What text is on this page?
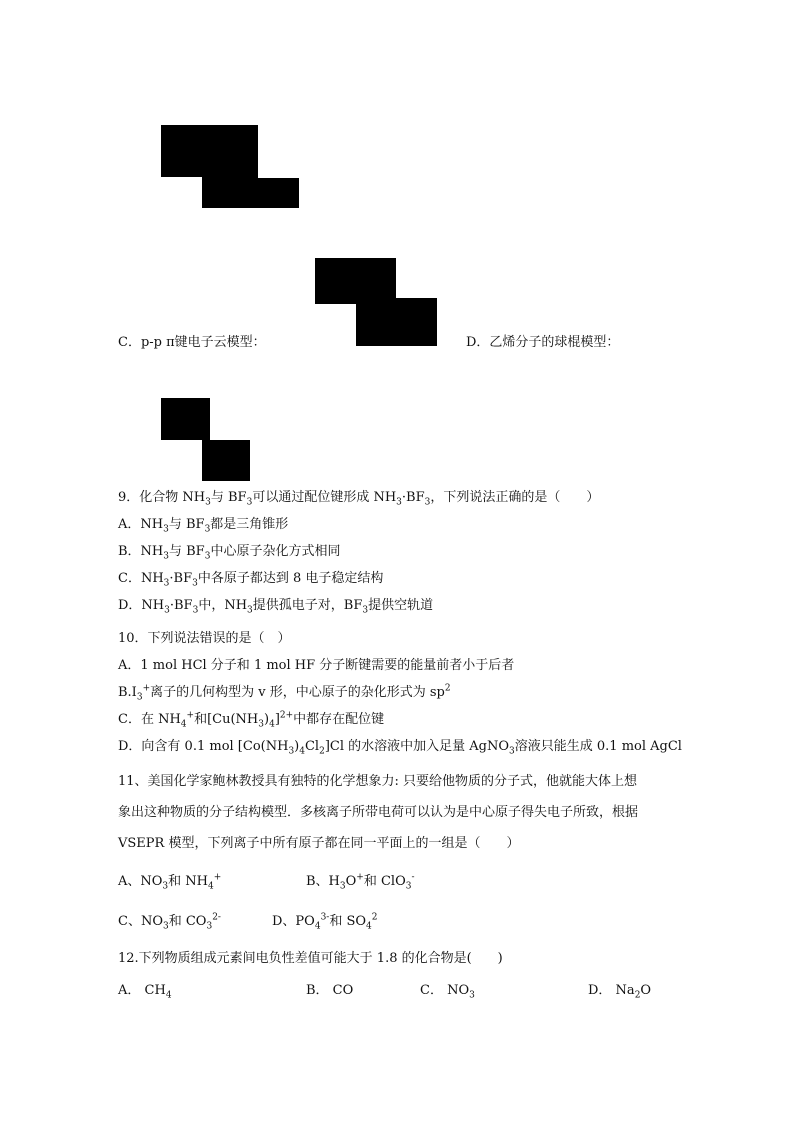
C．p-p π键电子云模型：	D．乙烯分子的球棍模型：
9．化合物 $NH_3$与 $BF_3$可以通过配位键形成 $NH_3\cdot BF_3$，下列说法正确的是（　　）
A．$NH_3$与 $BF_3$都是三角锥形
B．$NH_3$与 $BF_3$中心原子杂化方式相同
C．$NH_3\cdot BF_3$中各原子都达到 8 电子稳定结构
D．$NH_3\cdot BF_3$中，$NH_3$提供孤电子对，$BF_3$提供空轨道
10．下列说法错误的是（　）
A．1 mol HCl 分子和 1 mol HF 分子断键需要的能量前者小于后者
$B.I_3^+$离子的几何构型为 v 形，中心原子的杂化形式为 $sp^2$
C．在 $NH_4^+$和$[Cu(NH_3)_4]^{2+}$中都存在配位键
D．向含有 0.1 mol $[Co(NH_3)_4Cl_2]Cl$ 的水溶液中加入足量 AgNO$_3$溶液只能生成 0.1 mol AgCl
11、美国化学家鲍林教授具有独特的化学想象力: 只要给他物质的分子式，他就能大体上想
象出这种物质的分子结构模型．多核离子所带电荷可以认为是中心原子得失电子所致，根据
VSEPR 模型，下列离子中所有原子都在同一平面上的一组是（　　）
A、$NO_3$和 $NH_4^+$	B、$H_3O^+$和 ClO$_3$-
C、$NO_3$和 $CO_3^{2-}$	D、$PO_4^{3-}$和 $SO_4^2$
12.下列物质组成元素间电负性差值可能大于 1.8 的化合物是(　　)
A． $CH_4$	B． CO	C． $NO_3$	D． $Na_2O$
